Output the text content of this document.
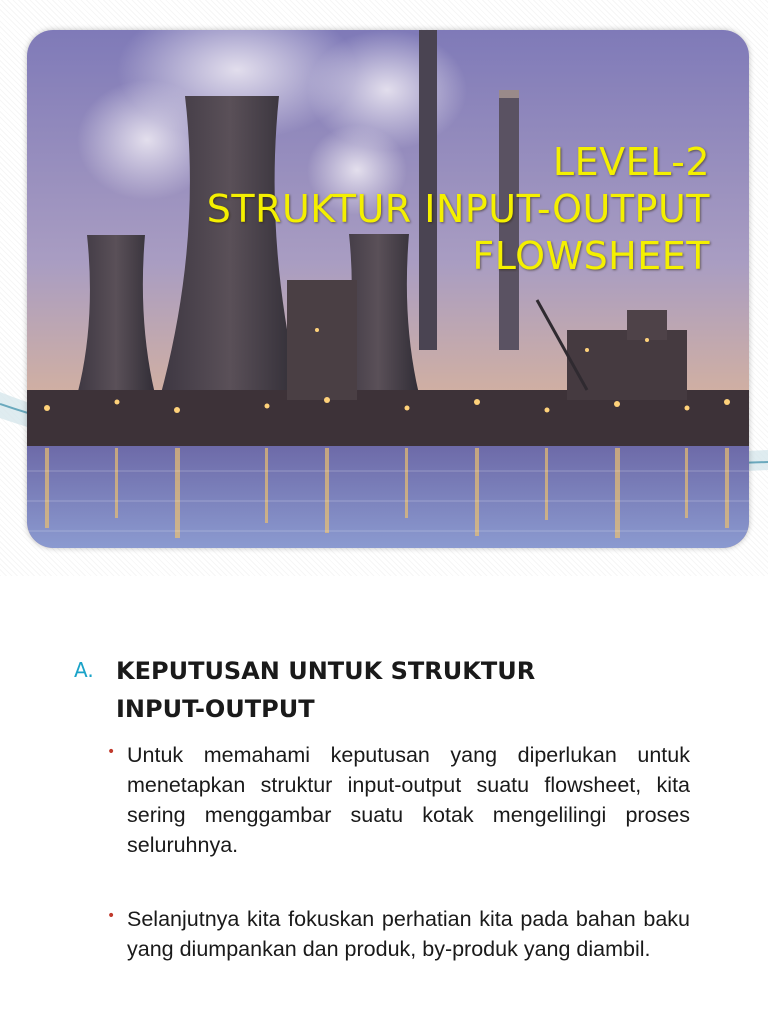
LEVEL-2
STRUKTUR INPUT-OUTPUT
FLOWSHEET
A. KEPUTUSAN UNTUK STRUKTUR
INPUT-OUTPUT
• Untuk memahami keputusan yang diperlukan untuk menetapkan struktur input-output suatu flowsheet, kita sering menggambar suatu kotak mengelilingi proses seluruhnya.

• Selanjutnya kita fokuskan perhatian kita pada bahan baku yang diumpankan dan produk, by-produk yang diambil.
